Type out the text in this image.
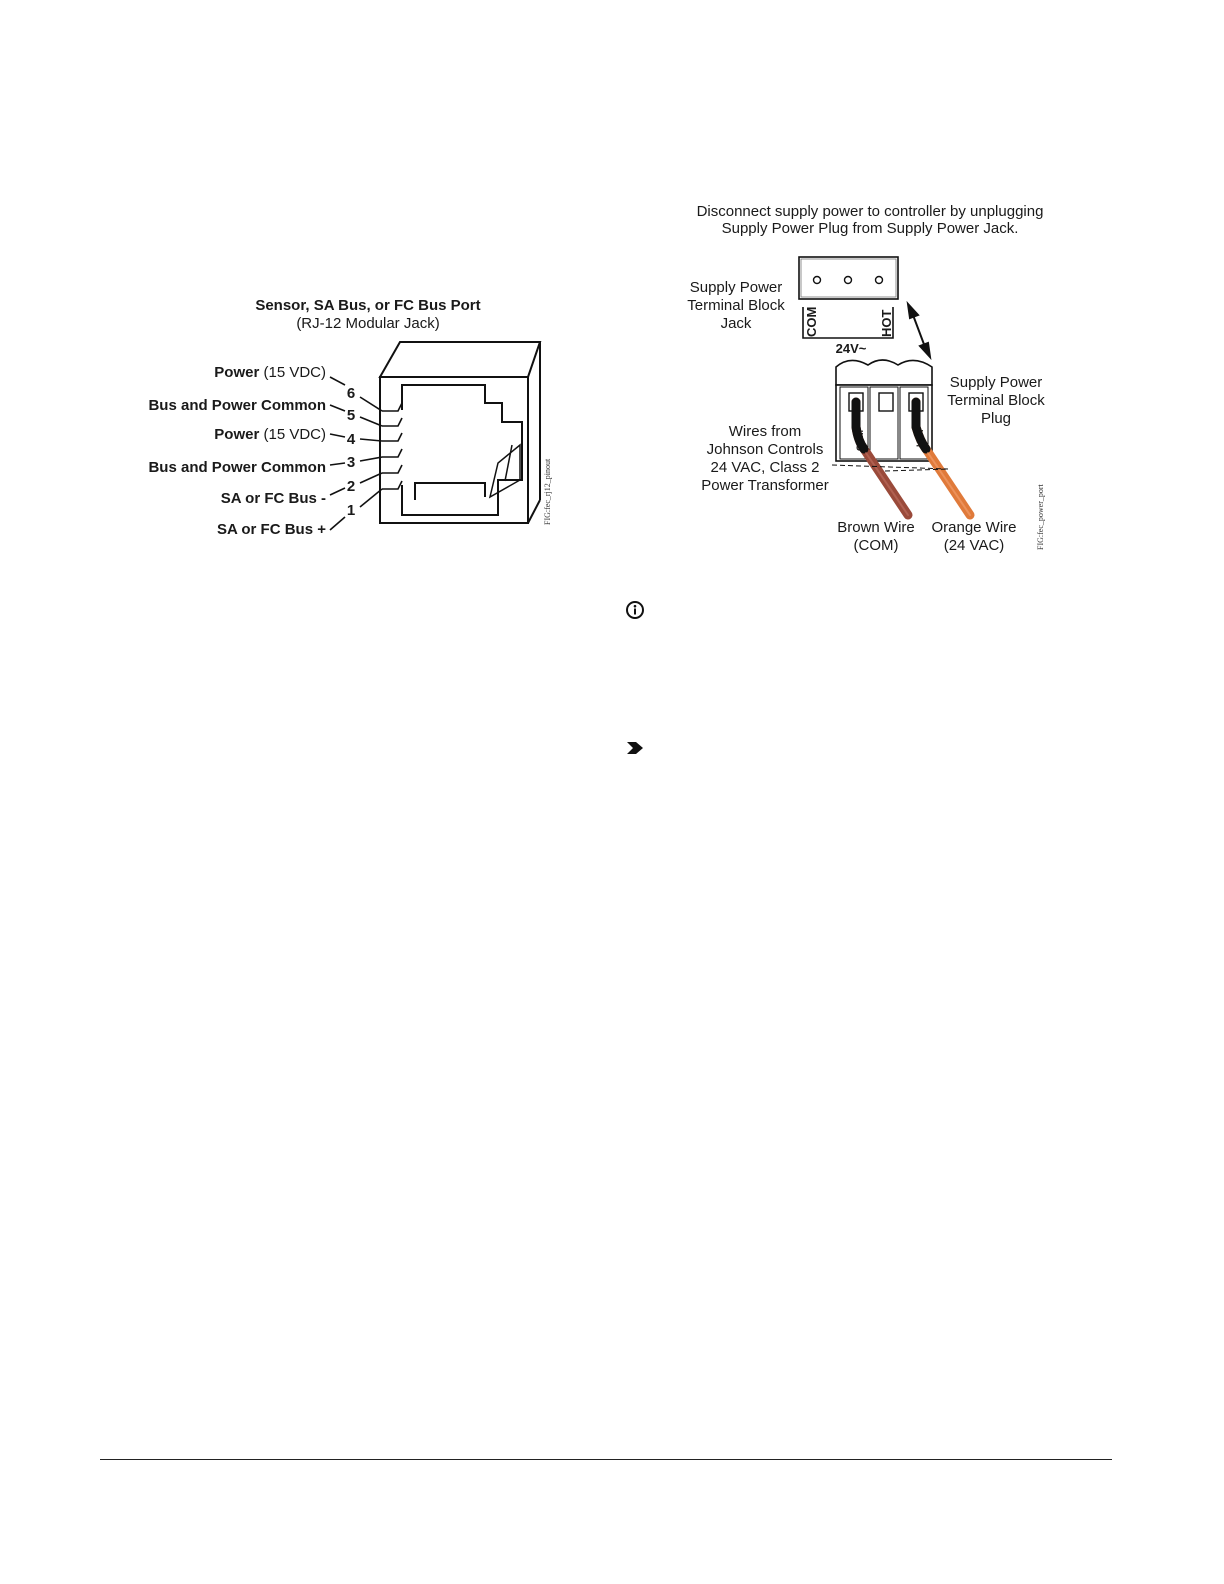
Sensor, SA Bus, or FC Bus Port
(RJ-12 Modular Jack)
Power (15 VDC)
6
Bus and Power Common
5
Power (15 VDC) 4
Bus and Power Common 3
SA or FC Bus -
2
SA or FC Bus +
1	FIG:fec_rj12_pinout
Disconnect supply power to controller by unplugging
Supply Power Plug from Supply Power Jack.
Supply Power
Terminal Block
Jack	COM	HOT
24V~
Supply Power
Terminal Block
Plug
COM	HOT
Wires from
Johnson Controls
24 VAC, Class 2
Power Transformer
Brown Wire
(COM)
Orange Wire
(24 VAC)	FIG:fec_power_port
